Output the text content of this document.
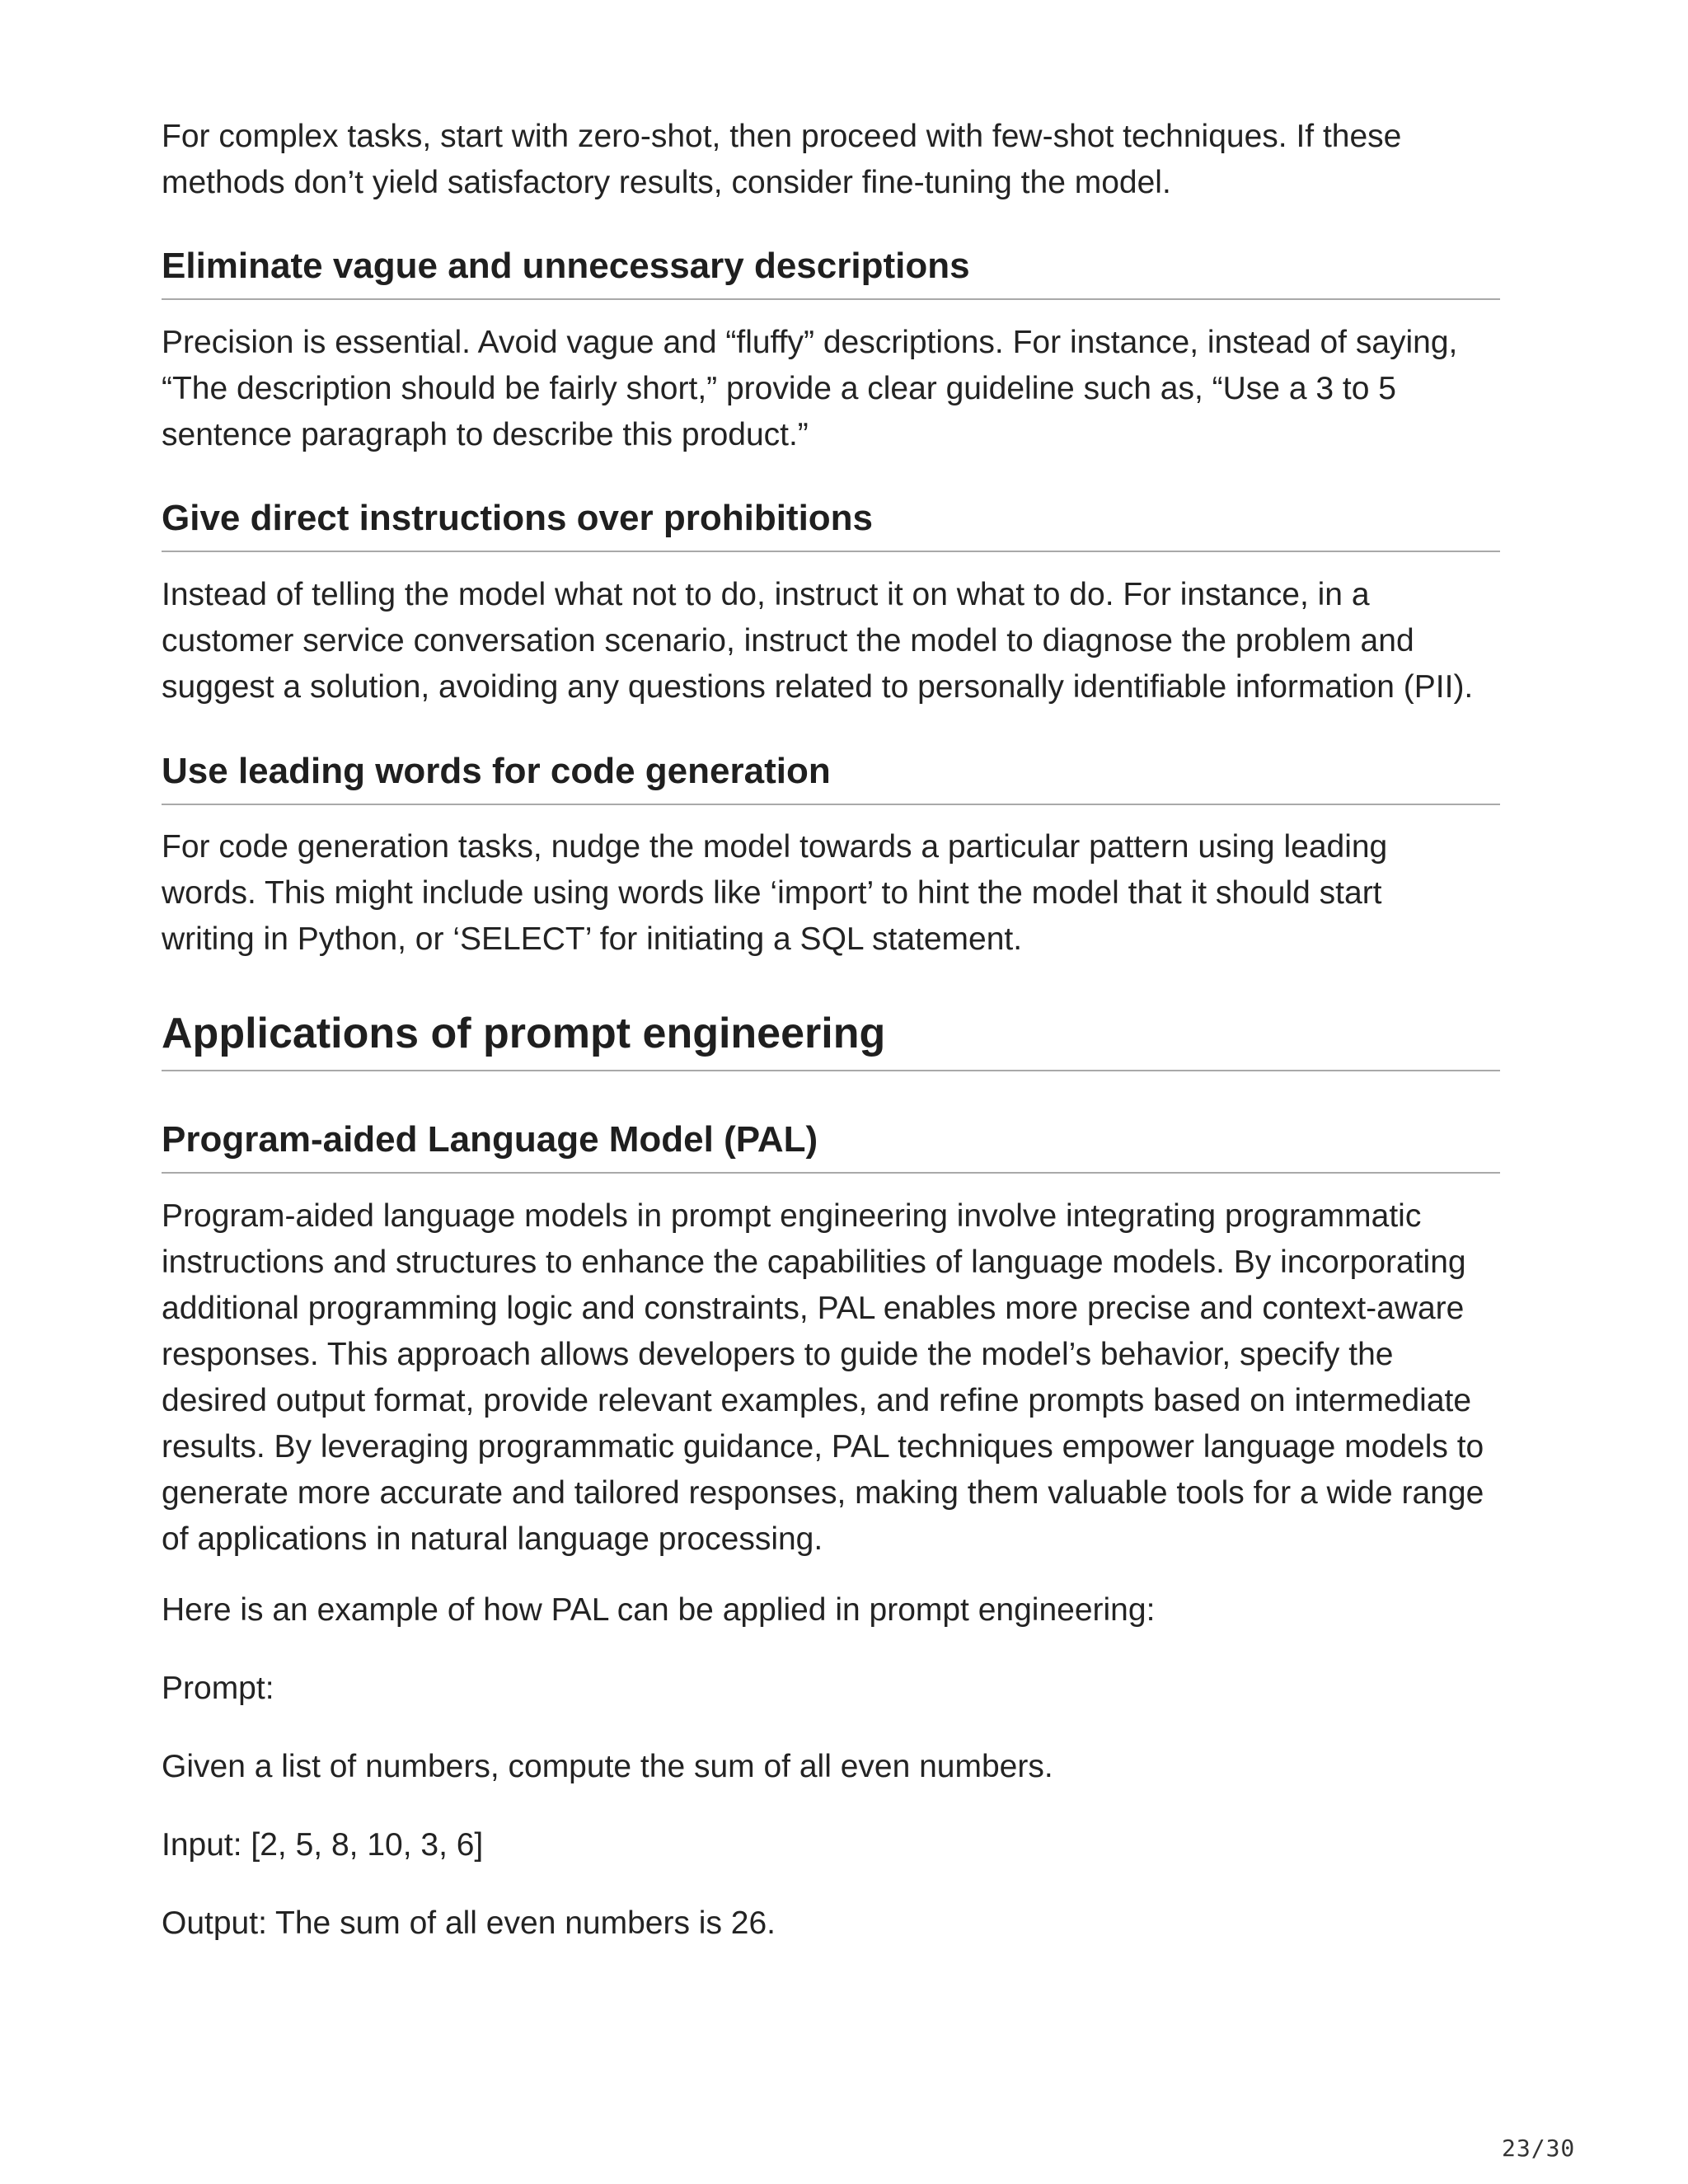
For complex tasks, start with zero-shot, then proceed with few-shot techniques. If these methods don’t yield satisfactory results, consider fine-tuning the model.

Eliminate vague and unnecessary descriptions

Precision is essential. Avoid vague and “fluffy” descriptions. For instance, instead of saying, “The description should be fairly short,” provide a clear guideline such as, “Use a 3 to 5 sentence paragraph to describe this product.”

Give direct instructions over prohibitions

Instead of telling the model what not to do, instruct it on what to do. For instance, in a customer service conversation scenario, instruct the model to diagnose the problem and suggest a solution, avoiding any questions related to personally identifiable information (PII).

Use leading words for code generation

For code generation tasks, nudge the model towards a particular pattern using leading words. This might include using words like ‘import’ to hint the model that it should start writing in Python, or ‘SELECT’ for initiating a SQL statement.

Applications of prompt engineering
Program-aided Language Model (PAL)

Program-aided language models in prompt engineering involve integrating programmatic instructions and structures to enhance the capabilities of language models. By incorporating additional programming logic and constraints, PAL enables more precise and context-aware responses. This approach allows developers to guide the model’s behavior, specify the desired output format, provide relevant examples, and refine prompts based on intermediate results. By leveraging programmatic guidance, PAL techniques empower language models to generate more accurate and tailored responses, making them valuable tools for a wide range of applications in natural language processing.

Here is an example of how PAL can be applied in prompt engineering:

Prompt:

Given a list of numbers, compute the sum of all even numbers.

Input: [2, 5, 8, 10, 3, 6]

Output: The sum of all even numbers is 26.

23/30
